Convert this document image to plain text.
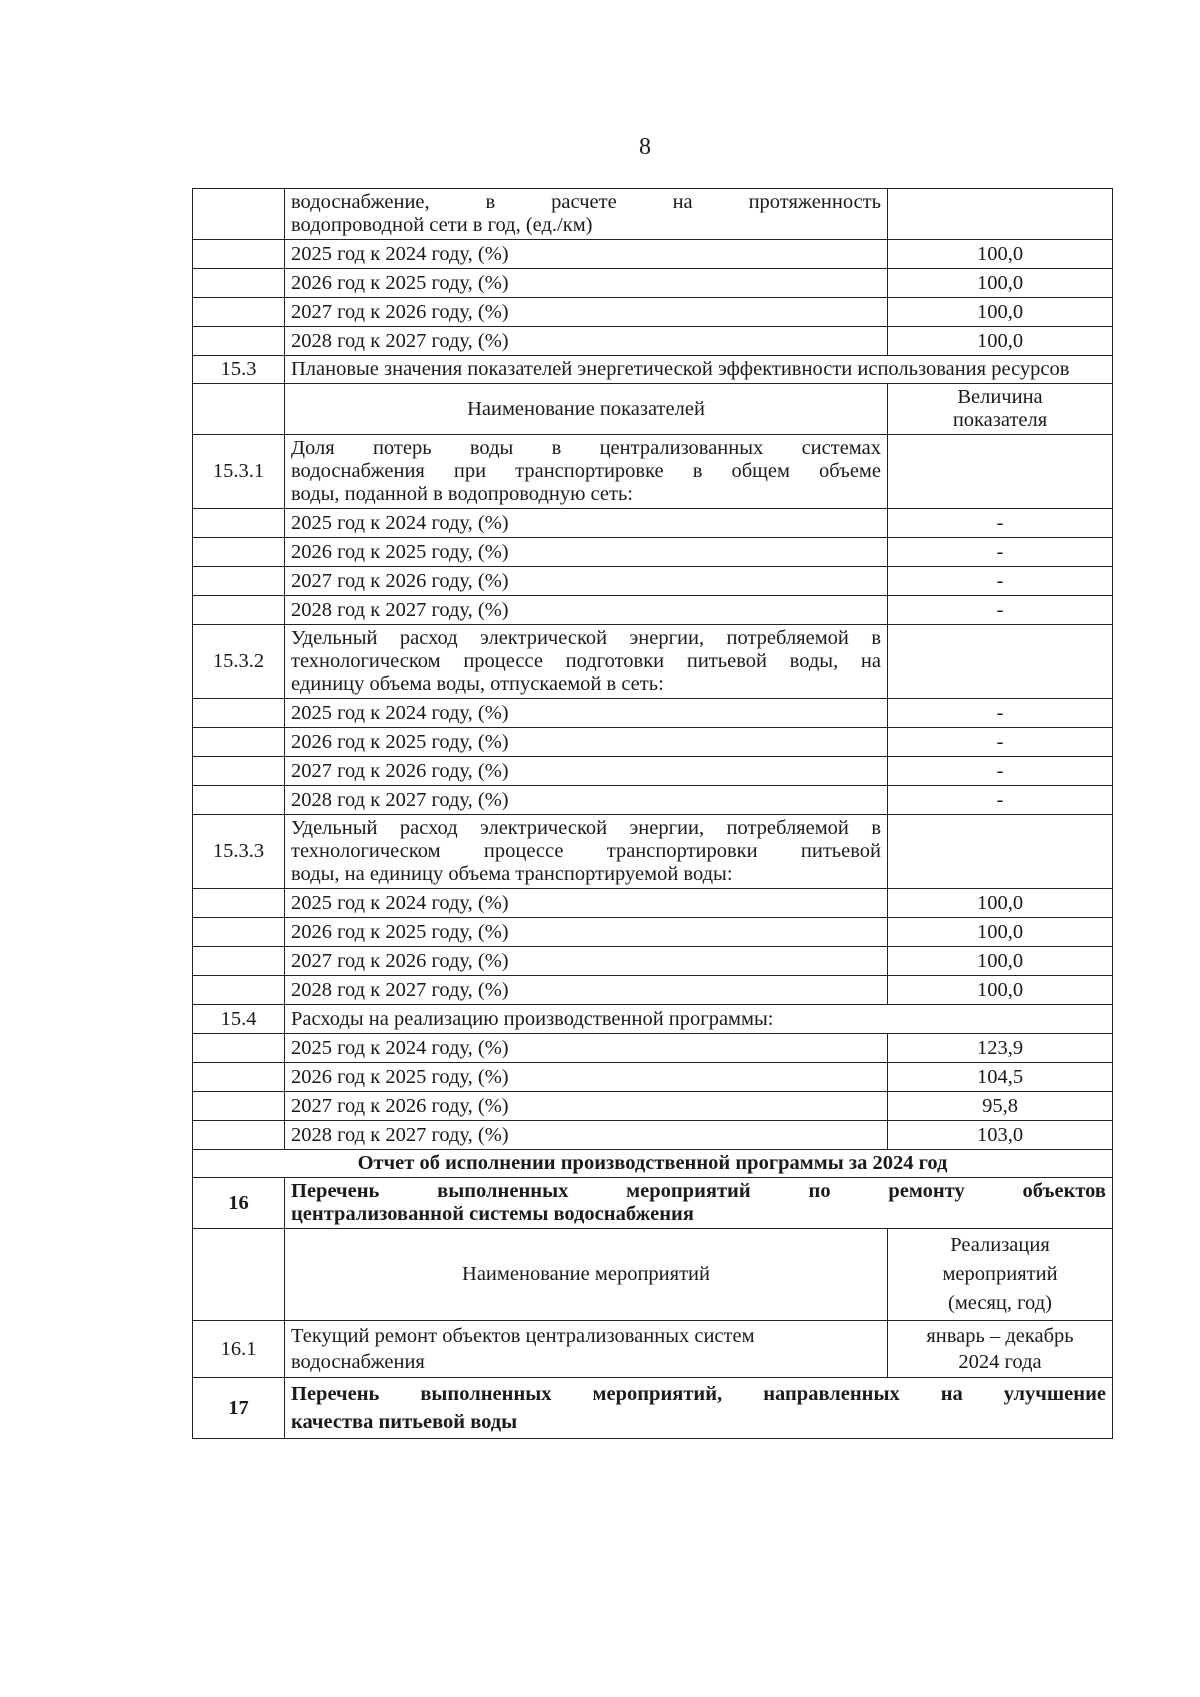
8

	водоснабжение, в расчете на протяженность
водопроводной сети в год, (ед./км)	

	2025 год к 2024 году, (%)	100,0
	2026 год к 2025 году, (%)	100,0
	2027 год к 2026 году, (%)	100,0
	2028 год к 2027 году, (%)	100,0
15.3	Плановые значения показателей энергетической эффективности использования ресурсов	
	Наименование показателей	Величина
показателя

15.3.1	Доля потерь воды в централизованных системах
водоснабжения при транспортировке в общем объеме
воды, поданной в водопроводную сеть:	

	2025 год к 2024 году, (%)	-
	2026 год к 2025 году, (%)	-
	2027 год к 2026 году, (%)	-
	2028 год к 2027 году, (%)	-
15.3.2	Удельный расход электрической энергии, потребляемой в
технологическом процессе подготовки питьевой воды, на
единицу объема воды, отпускаемой в сеть:	

	2025 год к 2024 году, (%)	-
	2026 год к 2025 году, (%)	-
	2027 год к 2026 году, (%)	-
	2028 год к 2027 году, (%)	-
15.3.3	Удельный расход электрической энергии, потребляемой в
технологическом процессе транспортировки питьевой
воды, на единицу объема транспортируемой воды:	

	2025 год к 2024 году, (%)	100,0
	2026 год к 2025 году, (%)	100,0
	2027 год к 2026 году, (%)	100,0
	2028 год к 2027 году, (%)	100,0
15.4	Расходы на реализацию производственной программы:	
	2025 год к 2024 году, (%)	123,9
	2026 год к 2025 году, (%)	104,5
	2027 год к 2026 году, (%)	95,8
	2028 год к 2027 году, (%)	103,0
Отчет об исполнении производственной программы за 2024 год		
16	Перечень выполненных мероприятий по ремонту объектов
централизованной системы водоснабжения	

	Наименование мероприятий	Реализация
мероприятий
(месяц, год)

16.1	Текущий ремонт объектов централизованных систем
водоснабжения	январь – декабрь
2024 года

17	Перечень выполненных мероприятий, направленных на улучшение
качества питьевой воды	
